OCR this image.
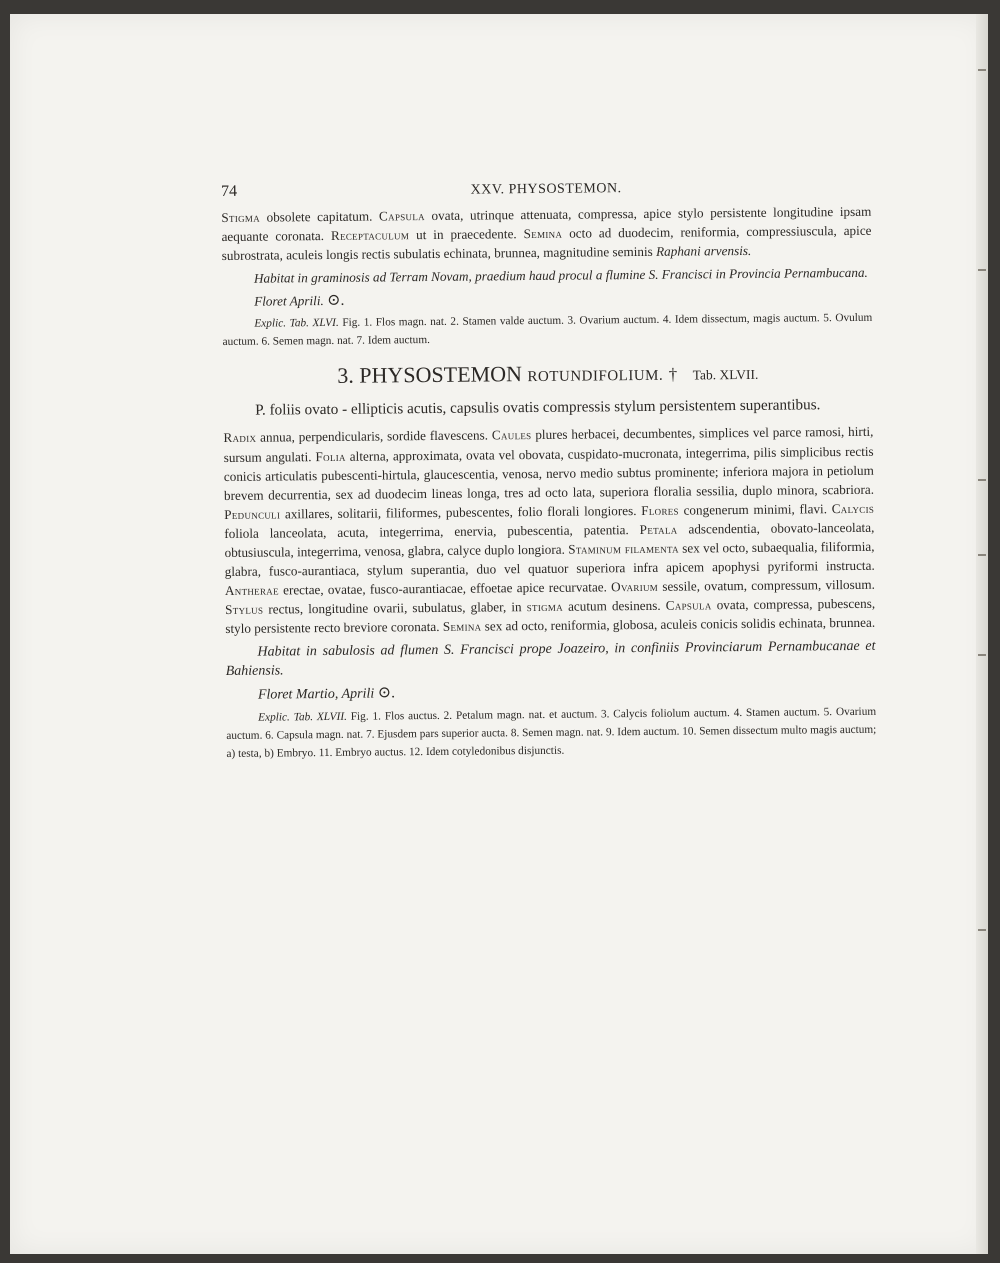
74	XXV. PHYSOSTEMON.

Stigma obsolete capitatum. Capsula ovata, utrinque attenuata, compressa, apice stylo persistente longitudine ipsam aequante coronata. Receptaculum ut in praecedente. Semina octo ad duodecim, reniformia, compressiuscula, apice subrostrata, aculeis longis rectis subulatis echinata, brunnea, magnitudine seminis Raphani arvensis.

Habitat in graminosis ad Terram Novam, praedium haud procul a flumine S. Francisci in Provincia Pernambucana.

Floret Aprili. ⊙.

Explic. Tab. XLVI. Fig. 1. Flos magn. nat. 2. Stamen valde auctum. 3. Ovarium auctum. 4. Idem dissectum, magis auctum. 5. Ovulum auctum. 6. Semen magn. nat. 7. Idem auctum.

3. PHYSOSTEMON ROTUNDIFOLIUM. † Tab. XLVII.

P. foliis ovato - ellipticis acutis, capsulis ovatis compressis stylum persistentem superantibus.

Radix annua, perpendicularis, sordide flavescens. Caules plures herbacei, decumbentes, simplices vel parce ramosi, hirti, sursum angulati. Folia alterna, approximata, ovata vel obovata, cuspidato-mucronata, integerrima, pilis simplicibus rectis conicis articulatis pubescenti-hirtula, glaucescentia, venosa, nervo medio subtus prominente; inferiora majora in petiolum brevem decurrentia, sex ad duodecim lineas longa, tres ad octo lata, superiora floralia sessilia, duplo minora, scabriora. Pedunculi axillares, solitarii, filiformes, pubescentes, folio florali longiores. Flores congenerum minimi, flavi. Calycis foliola lanceolata, acuta, integerrima, enervia, pubescentia, patentia. Petala adscendentia, obovato-lanceolata, obtusiuscula, integerrima, venosa, glabra, calyce duplo longiora. Staminum filamenta sex vel octo, subaequalia, filiformia, glabra, fusco-aurantiaca, stylum superantia, duo vel quatuor superiora infra apicem apophysi pyriformi instructa. Antherae erectae, ovatae, fusco-aurantiacae, effoetae apice recurvatae. Ovarium sessile, ovatum, compressum, villosum. Stylus rectus, longitudine ovarii, subulatus, glaber, in stigma acutum desinens. Capsula ovata, compressa, pubescens, stylo persistente recto breviore coronata. Semina sex ad octo, reniformia, globosa, aculeis conicis solidis echinata, brunnea.

Habitat in sabulosis ad flumen S. Francisci prope Joazeiro, in confiniis Provinciarum Pernambucanae et Bahiensis.

Floret Martio, Aprili ⊙.

Explic. Tab. XLVII. Fig. 1. Flos auctus. 2. Petalum magn. nat. et auctum. 3. Calycis foliolum auctum. 4. Stamen auctum. 5. Ovarium auctum. 6. Capsula magn. nat. 7. Ejusdem pars superior aucta. 8. Semen magn. nat. 9. Idem auctum. 10. Semen dissectum multo magis auctum; a) testa, b) Embryo. 11. Embryo auctus. 12. Idem cotyledonibus disjunctis.
